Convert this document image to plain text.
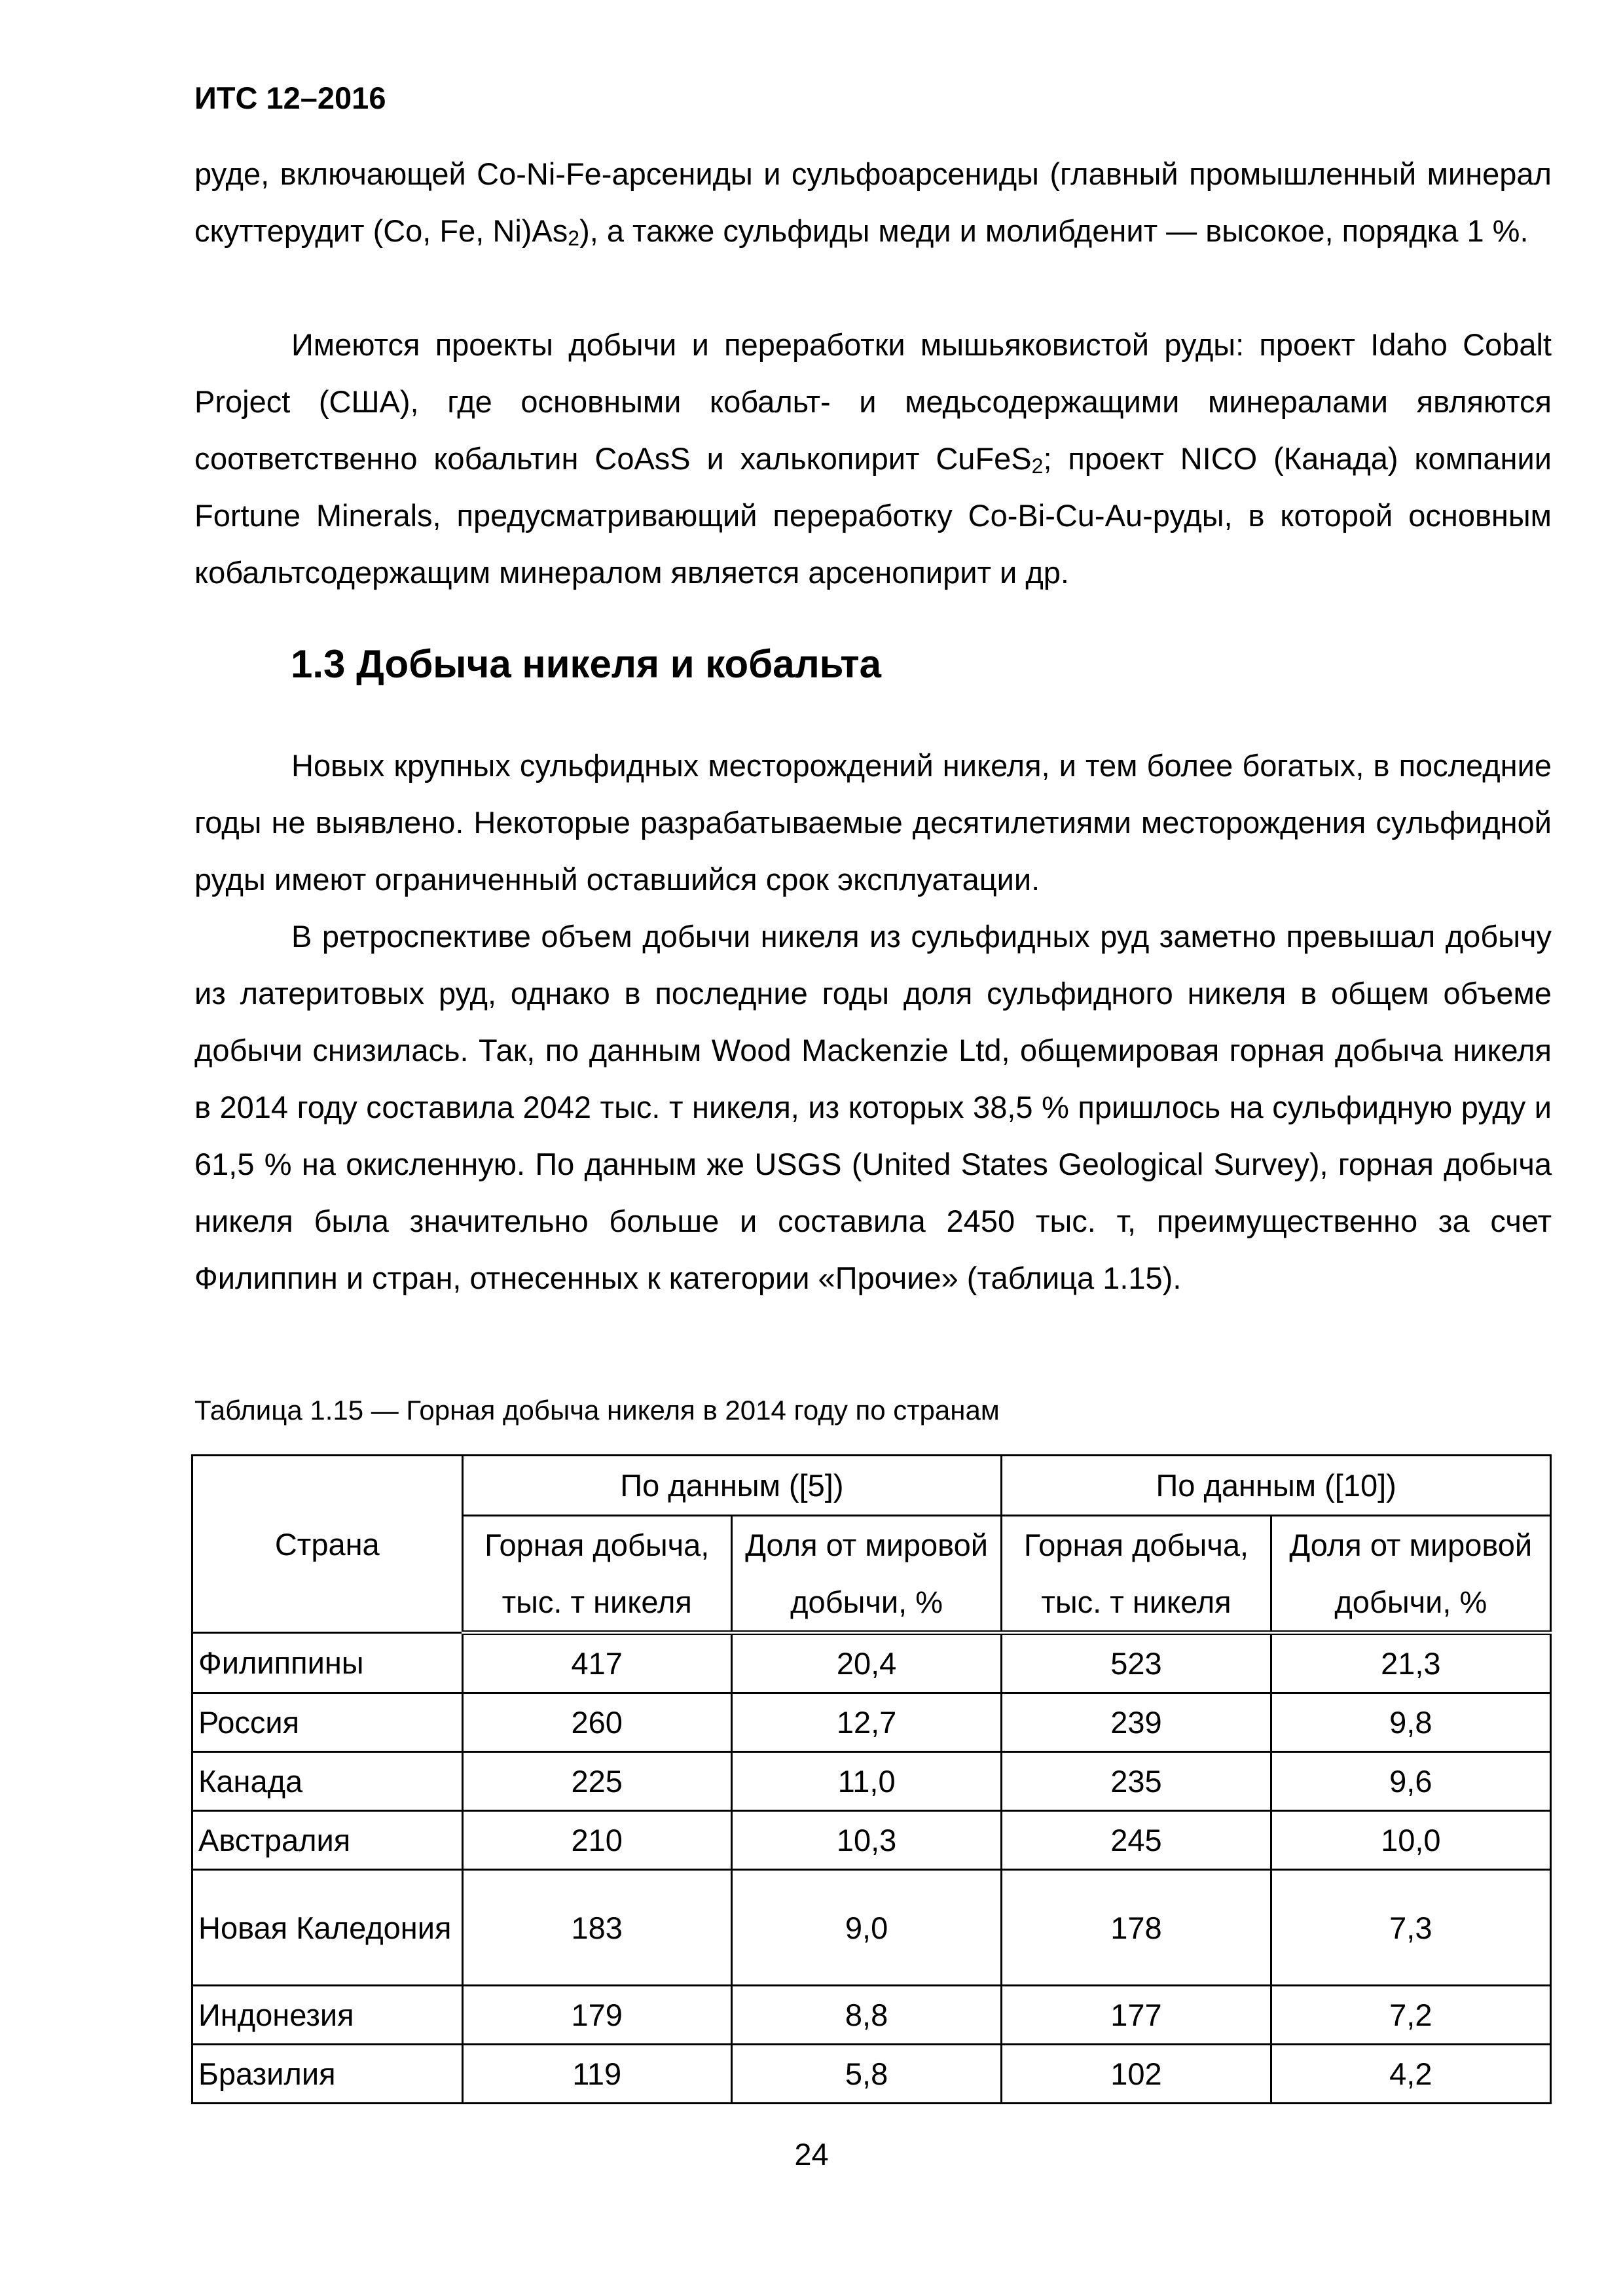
ИТС 12–2016

руде, включающей Co-Ni-Fe-арсениды и сульфоарсениды (главный промышленный минерал скуттерудит (Co, Fe, $Ni)As_2$), а также сульфиды меди и молибденит — высокое, порядка 1 %.

Имеются проекты добычи и переработки мышьяковистой руды: проект Idaho Cobalt Project (США), где основными кобальт- и медьсодержащими минералами являются соответственно кобальтин CoAsS и халькопирит CuFeS$_2$; проект NICO (Канада) компании Fortune Minerals, предусматривающий переработку Co-Bi-Cu-Au-руды, в которой основным кобальтсодержащим минералом является арсенопирит и др.

1.3 Добыча никеля и кобальта

Новых крупных сульфидных месторождений никеля, и тем более богатых, в последние годы не выявлено. Некоторые разрабатываемые десятилетиями месторождения сульфидной руды имеют ограниченный оставшийся срок эксплуатации.

В ретроспективе объем добычи никеля из сульфидных руд заметно превышал добычу из латеритовых руд, однако в последние годы доля сульфидного никеля в общем объеме добычи снизилась. Так, по данным Wood Mackenzie Ltd, общемировая горная добыча никеля в 2014 году составила 2042 тыс. т никеля, из которых 38,5 % пришлось на сульфидную руду и 61,5 % на окисленную. По данным же USGS (United States Geological Survey), горная добыча никеля была значительно больше и составила 2450 тыс. т, преимущественно за счет Филиппин и стран, отнесенных к категории «Прочие» (таблица 1.15).

Таблица 1.15 — Горная добыча никеля в 2014 году по странам
Страна	По данным ([5])		По данным ([10])	
	Горная добыча, тыс. т никеля	Доля от мировой добычи, %	Горная добыча, тыс. т никеля	Доля от мировой добычи, %
Филиппины	417	20,4	523	21,3
Россия	260	12,7	239	9,8
Канада	225	11,0	235	9,6
Австралия	210	10,3	245	10,0
Новая Каледония	183	9,0	178	7,3
Индонезия	179	8,8	177	7,2
Бразилия	119	5,8	102	4,2
24
